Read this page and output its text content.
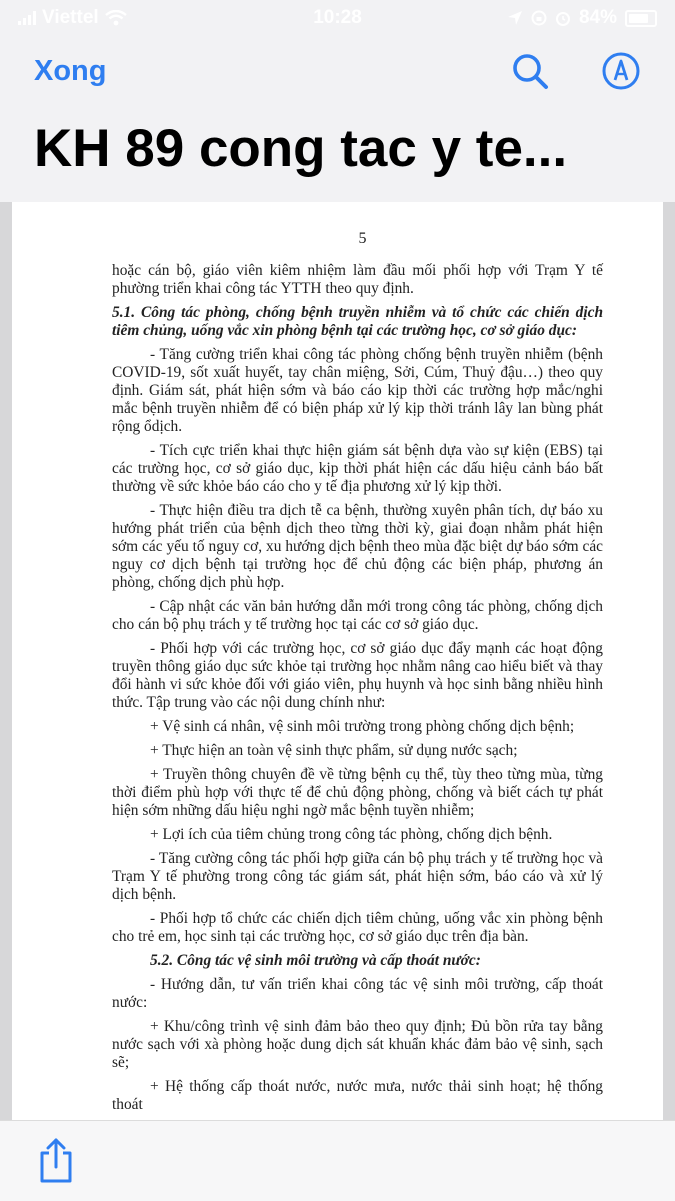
Viettel	10:28	84%
Xong
KH 89 cong tac y te...
5

hoặc cán bộ, giáo viên kiêm nhiệm làm đầu mối phối hợp với Trạm Y tế phường triển khai công tác YTTH theo quy định.

5.1. Công tác phòng, chống bệnh truyền nhiễm và tổ chức các chiến dịch tiêm chủng, uống vắc xin phòng bệnh tại các trường học, cơ sở giáo dục:

- Tăng cường triển khai công tác phòng chống bệnh truyền nhiễm (bệnh COVID-19, sốt xuất huyết, tay chân miệng, Sởi, Cúm, Thuỷ đậu…) theo quy định. Giám sát, phát hiện sớm và báo cáo kịp thời các trường hợp mắc/nghi mắc bệnh truyền nhiễm để có biện pháp xử lý kịp thời tránh lây lan bùng phát rộng ổdịch.

- Tích cực triển khai thực hiện giám sát bệnh dựa vào sự kiện (EBS) tại các trường học, cơ sở giáo dục, kịp thời phát hiện các dấu hiệu cảnh báo bất thường về sức khỏe báo cáo cho y tế địa phương xử lý kịp thời.

- Thực hiện điều tra dịch tễ ca bệnh, thường xuyên phân tích, dự báo xu hướng phát triển của bệnh dịch theo từng thời kỳ, giai đoạn nhằm phát hiện sớm các yếu tố nguy cơ, xu hướng dịch bệnh theo mùa đặc biệt dự báo sớm các nguy cơ dịch bệnh tại trường học để chủ động các biện pháp, phương án phòng, chống dịch phù hợp.

- Cập nhật các văn bản hướng dẫn mới trong công tác phòng, chống dịch cho cán bộ phụ trách y tế trường học tại các cơ sở giáo dục.

- Phối hợp với các trường học, cơ sở giáo dục đẩy mạnh các hoạt động truyền thông giáo dục sức khỏe tại trường học nhằm nâng cao hiểu biết và thay đổi hành vi sức khỏe đối với giáo viên, phụ huynh và học sinh bằng nhiều hình thức. Tập trung vào các nội dung chính như:

+ Vệ sinh cá nhân, vệ sinh môi trường trong phòng chống dịch bệnh;

+ Thực hiện an toàn vệ sinh thực phẩm, sử dụng nước sạch;

+ Truyền thông chuyên đề về từng bệnh cụ thể, tùy theo từng mùa, từng thời điểm phù hợp với thực tế để chủ động phòng, chống và biết cách tự phát hiện sớm những dấu hiệu nghi ngờ mắc bệnh tuyền nhiễm;

+ Lợi ích của tiêm chủng trong công tác phòng, chống dịch bệnh.

- Tăng cường công tác phối hợp giữa cán bộ phụ trách y tế trường học và Trạm Y tế phường trong công tác giám sát, phát hiện sớm, báo cáo và xử lý dịch bệnh.

- Phối hợp tổ chức các chiến dịch tiêm chủng, uống vắc xin phòng bệnh cho trẻ em, học sinh tại các trường học, cơ sở giáo dục trên địa bàn.

5.2. Công tác vệ sinh môi trường và cấp thoát nước:

- Hướng dẫn, tư vấn triển khai công tác vệ sinh môi trường, cấp thoát nước:

+ Khu/công trình vệ sinh đảm bảo theo quy định; Đủ bồn rửa tay bằng nước sạch với xà phòng hoặc dung dịch sát khuẩn khác đảm bảo vệ sinh, sạch sẽ;

+ Hệ thống cấp thoát nước, nước mưa, nước thải sinh hoạt; hệ thống thoát
